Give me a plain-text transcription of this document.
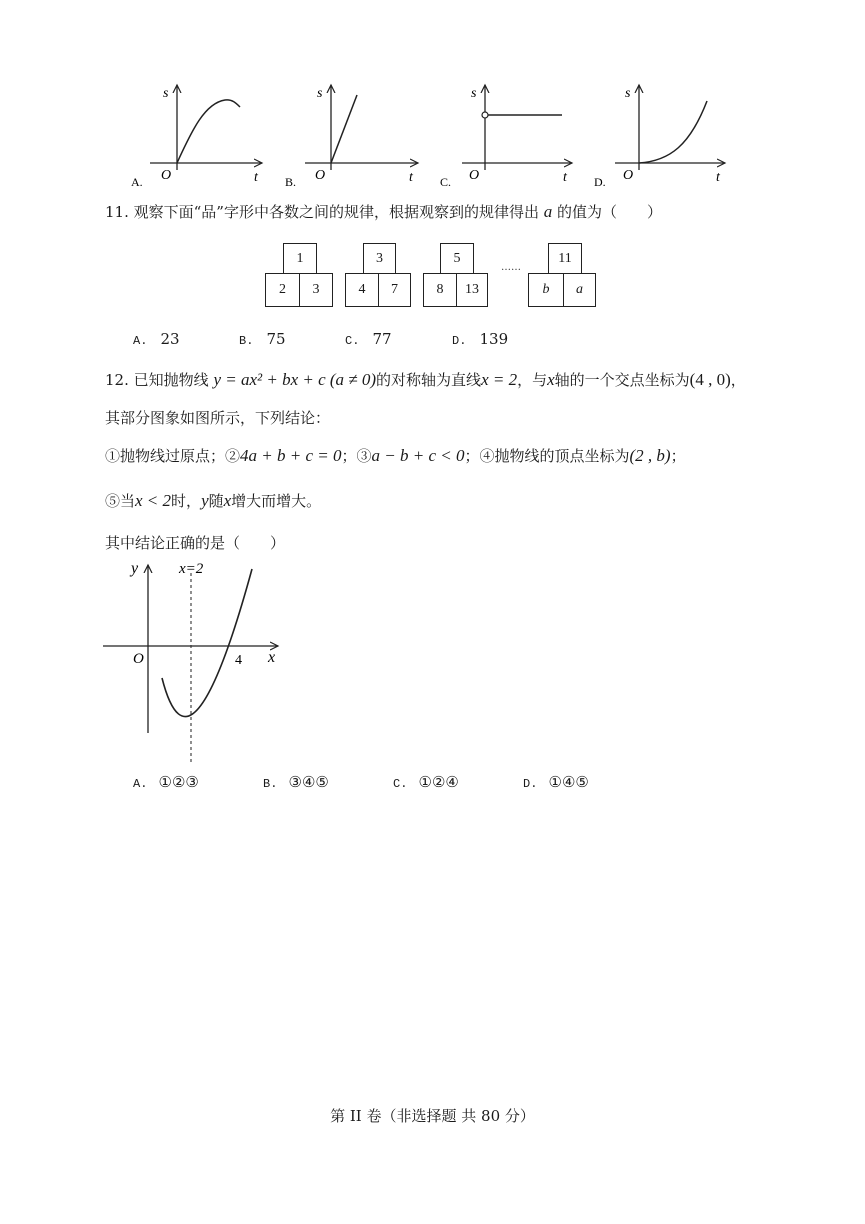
s
t
O
A.
s
t
O
B.
s
t
O
C.
s
t
O
D.
11. 观察下面“品”字形中各数之间的规律，根据观察到的规律得出 a 的值为（　　）
1
2	3
3
4	7
5
8	13
……
11
b	a
A. 23	B. 75	C. 77	D. 139
12. 已知抛物线 y = ax² + bx + c (a ≠ 0)的对称轴为直线x = 2，与x轴的一个交点坐标为(4 , 0)，
其部分图象如图所示，下列结论：
①抛物线过原点；②4a + b + c = 0；③a − b + c < 0；④抛物线的顶点坐标为(2 , b)；
⑤当x < 2时，y随x增大而增大。
其中结论正确的是（　　）
y
x
O
x=2
4
A. ①②③	B. ③④⑤	C. ①②④	D. ①④⑤
第 II 卷（非选择题 共 80 分）
